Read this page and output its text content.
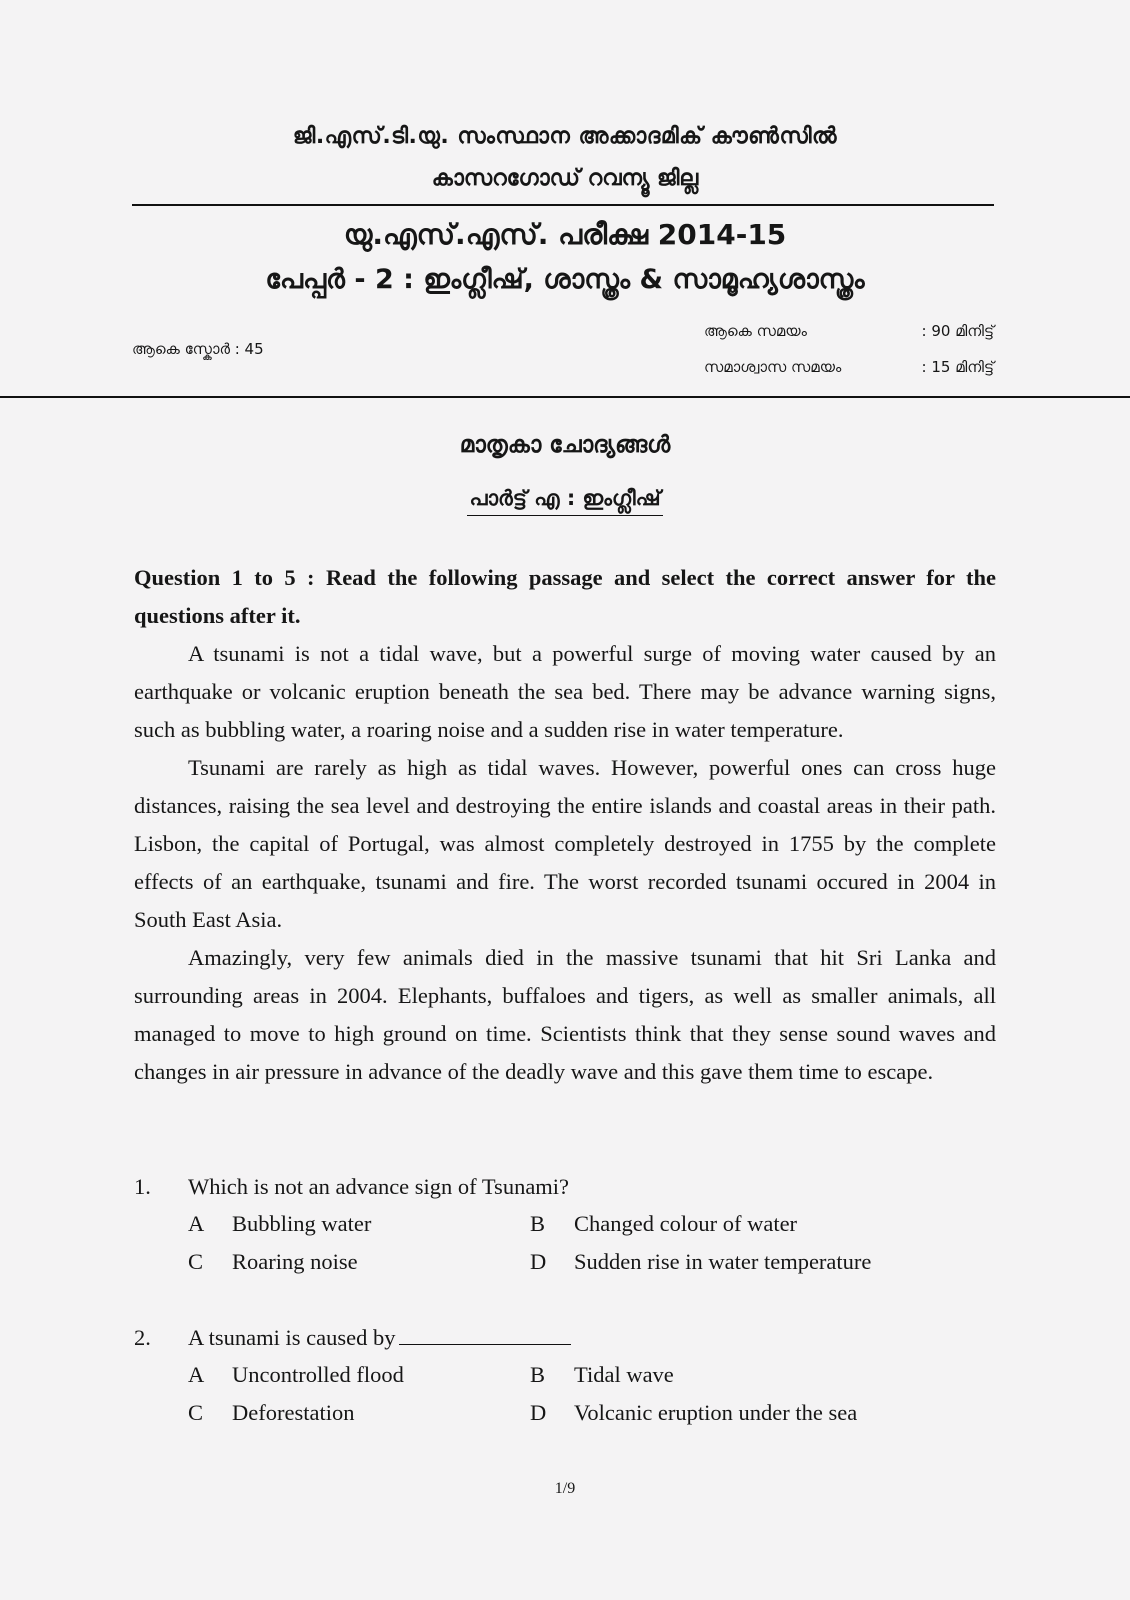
ജി.എസ്.ടി.യു. സംസ്ഥാന അക്കാദമിക് കൗൺസിൽ
കാസറഗോഡ് റവന്യൂ ജില്ല
യു.എസ്.എസ്. പരീക്ഷ 2014-15
പേപ്പർ - 2 : ഇംഗ്ലീഷ്, ശാസ്ത്രം & സാമൂഹ്യശാസ്ത്രം
ആകെ സ്കോർ : 45
ആകെ സമയം	: 90 മിനിട്ട്
സമാശ്വാസ സമയം	: 15 മിനിട്ട്
മാതൃകാ ചോദ്യങ്ങൾ
പാർട്ട് എ : ഇംഗ്ലീഷ്
Question 1 to 5 : Read the following passage and select the correct answer for the questions after it.
A tsunami is not a tidal wave, but a powerful surge of moving water caused by an earthquake or volcanic eruption beneath the sea bed. There may be advance warning signs, such as bubbling water, a roaring noise and a sudden rise in water temperature.
Tsunami are rarely as high as tidal waves. However, powerful ones can cross huge distances, raising the sea level and destroying the entire islands and coastal areas in their path. Lisbon, the capital of Portugal, was almost completely destroyed in 1755 by the complete effects of an earthquake, tsunami and fire. The worst recorded tsunami occured in 2004 in South East Asia.
Amazingly, very few animals died in the massive tsunami that hit Sri Lanka and surrounding areas in 2004. Elephants, buffaloes and tigers, as well as smaller animals, all managed to move to high ground on time. Scientists think that they sense sound waves and changes in air pressure in advance of the deadly wave and this gave them time to escape.
1. Which is not an advance sign of Tsunami?
A Bubbling water	B Changed colour of water
C Roaring noise	D Sudden rise in water temperature
2. A tsunami is caused by
A Uncontrolled flood	B Tidal wave
C Deforestation	D Volcanic eruption under the sea
1/9
